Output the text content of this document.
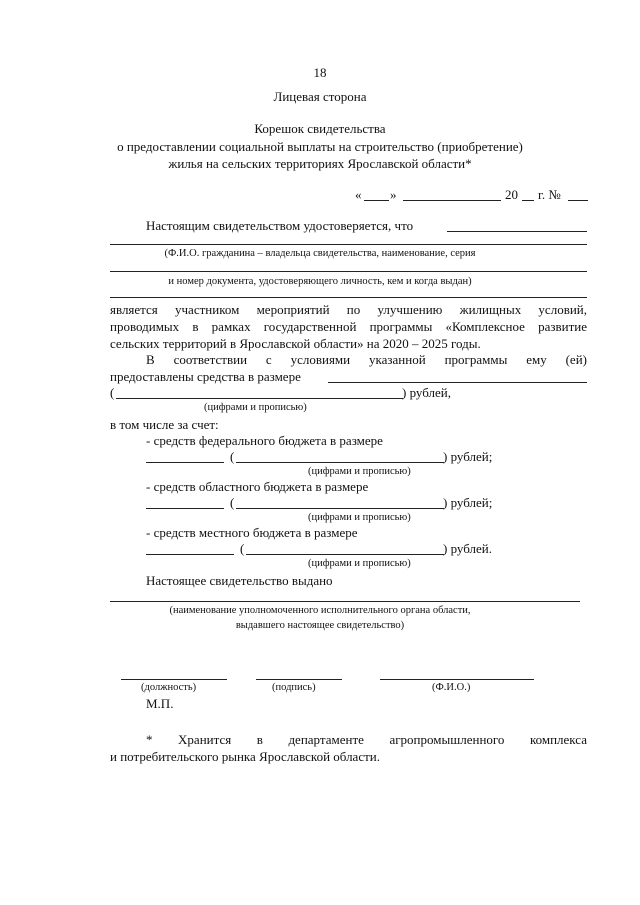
18
Лицевая сторона
Корешок свидетельства
о предоставлении социальной выплаты на строительство (приобретение)
жилья на сельских территориях Ярославской области*
« »	20 г. №
Настоящим свидетельством удостоверяется, что
(Ф.И.О. гражданина – владельца свидетельства, наименование, серия
и номер документа, удостоверяющего личность, кем и когда выдан)
является участником мероприятий по улучшению жилищных условий,
проводимых в рамках государственной программы «Комплексное развитие
сельских территорий в Ярославской области» на 2020 – 2025 годы.
В соответствии с условиями указанной программы ему (ей)
предоставлены средства в размере
(	) рублей,
(цифрами и прописью)
в том числе за счет:
- средств федерального бюджета в размере
(	) рублей;
(цифрами и прописью)
- средств областного бюджета в размере
(	) рублей;
(цифрами и прописью)
- средств местного бюджета в размере
(	) рублей.
(цифрами и прописью)
Настоящее свидетельство выдано
(наименование уполномоченного исполнительного органа области,
выдавшего настоящее свидетельство)
(должность)	(подпись)	(Ф.И.О.)
М.П.
* Хранится в департаменте агропромышленного комплекса
и потребительского рынка Ярославской области.
